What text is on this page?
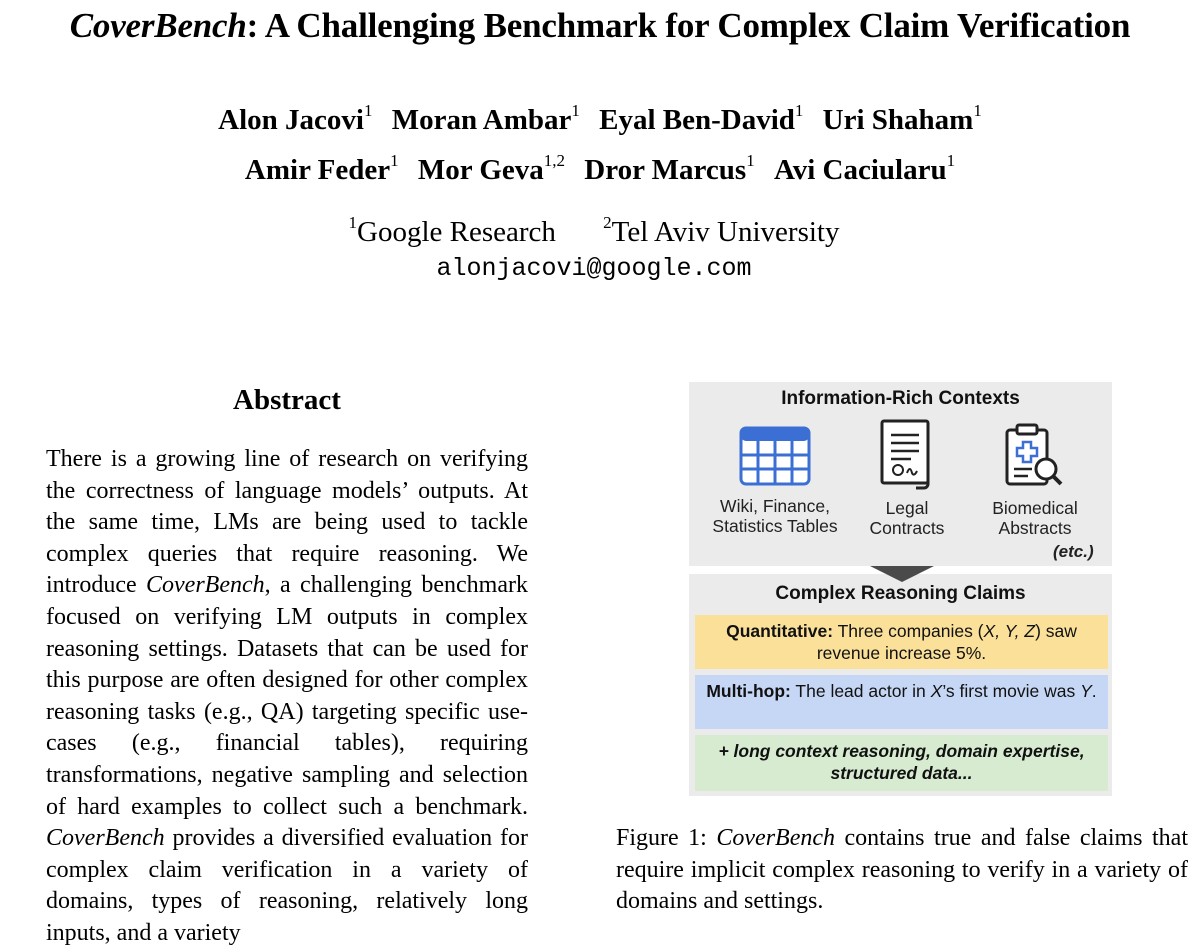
CoverBench: A Challenging Benchmark for Complex Claim Verification
Alon Jacovi$^1$ Moran Ambar$^1$ Eyal Ben-David$^1$ Uri Shaham$^1$
Amir Feder$^1$ Mor Geva$^{1,2}$ Dror Marcus$^1$ Avi Caciularu$^1$
$^1$Google Research	$^2$Tel Aviv University
alonjacovi@google.com
Abstract
There is a growing line of research on verifying the correctness of language models’ outputs. At the same time, LMs are being used to tackle complex queries that require reasoning. We introduce CoverBench, a challenging benchmark focused on verifying LM outputs in complex reasoning settings. Datasets that can be used for this purpose are often designed for other complex reasoning tasks (e.g., QA) targeting specific use-cases (e.g., financial tables), requiring transformations, negative sampling and selection of hard examples to collect such a benchmark. CoverBench provides a diversified evaluation for complex claim verification in a variety of domains, types of reasoning, relatively long inputs, and a variety
Information-Rich Contexts
Wiki, Finance, Statistics Tables
Legal Contracts
Biomedical Abstracts
(etc.)
Complex Reasoning Claims
Quantitative: Three companies (X, Y, Z) saw revenue increase 5%.
Multi-hop: The lead actor in X’s first movie was Y.
+ long context reasoning, domain expertise, structured data...
Figure 1: CoverBench contains true and false claims that require implicit complex reasoning to verify in a variety of domains and settings.
